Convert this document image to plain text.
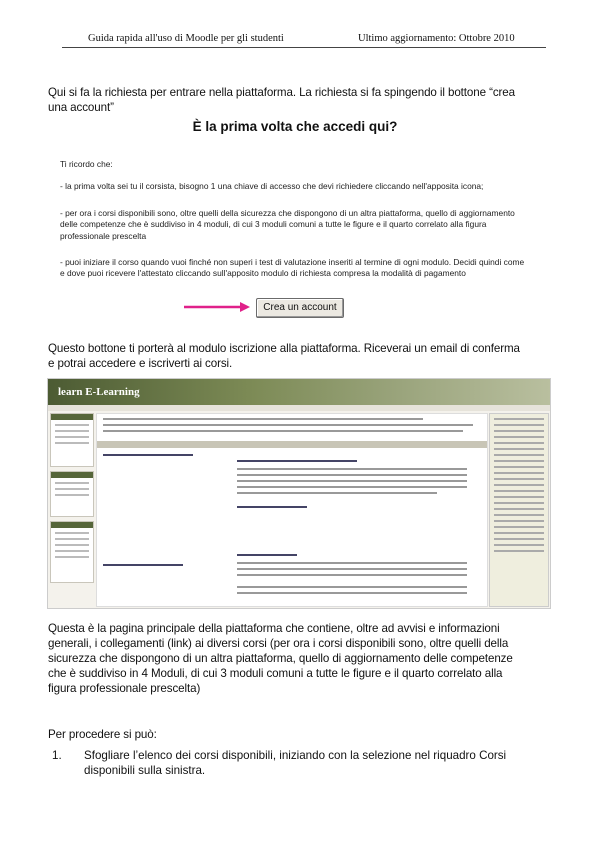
Guida rapida all'uso di Moodle per gli studenti	Ultimo aggiornamento: Ottobre 2010
Qui si fa la richiesta per entrare nella piattaforma. La richiesta si fa spingendo il bottone “crea una account”
È la prima volta che accedi qui?
Ti ricordo che:
- la prima volta sei tu il corsista, bisogno 1 una chiave di accesso che devi richiedere cliccando nell'apposita icona;
- per ora i corsi disponibili sono, oltre quelli della sicurezza che dispongono di un altra piattaforma, quello di aggiornamento delle competenze che è suddiviso in 4 moduli, di cui 3 moduli comuni a tutte le figure e il quarto correlato alla figura professionale prescelta
- puoi iniziare il corso quando vuoi finché non superi i test di valutazione inseriti al termine di ogni modulo. Decidi quindi come e dove puoi ricevere l'attestato cliccando sull'apposito modulo di richiesta compresa la modalità di pagamento
Crea un account
Questo bottone ti porterà al modulo iscrizione alla piattaforma. Riceverai un email di conferma e potrai accedere e iscriverti ai corsi.
learn E-Learning
Questa è la pagina principale della piattaforma che contiene, oltre ad avvisi e informazioni generali, i collegamenti (link) ai diversi corsi (per ora i corsi disponibili sono, oltre quelli della sicurezza che dispongono di un altra piattaforma, quello di aggiornamento delle competenze che è suddiviso in 4 Moduli, di cui 3 moduli comuni a tutte le figure e il quarto correlato alla figura professionale prescelta)
Per procedere si può:
1. Sfogliare l’elenco dei corsi disponibili, iniziando con la selezione nel riquadro Corsi disponibili sulla sinistra.
